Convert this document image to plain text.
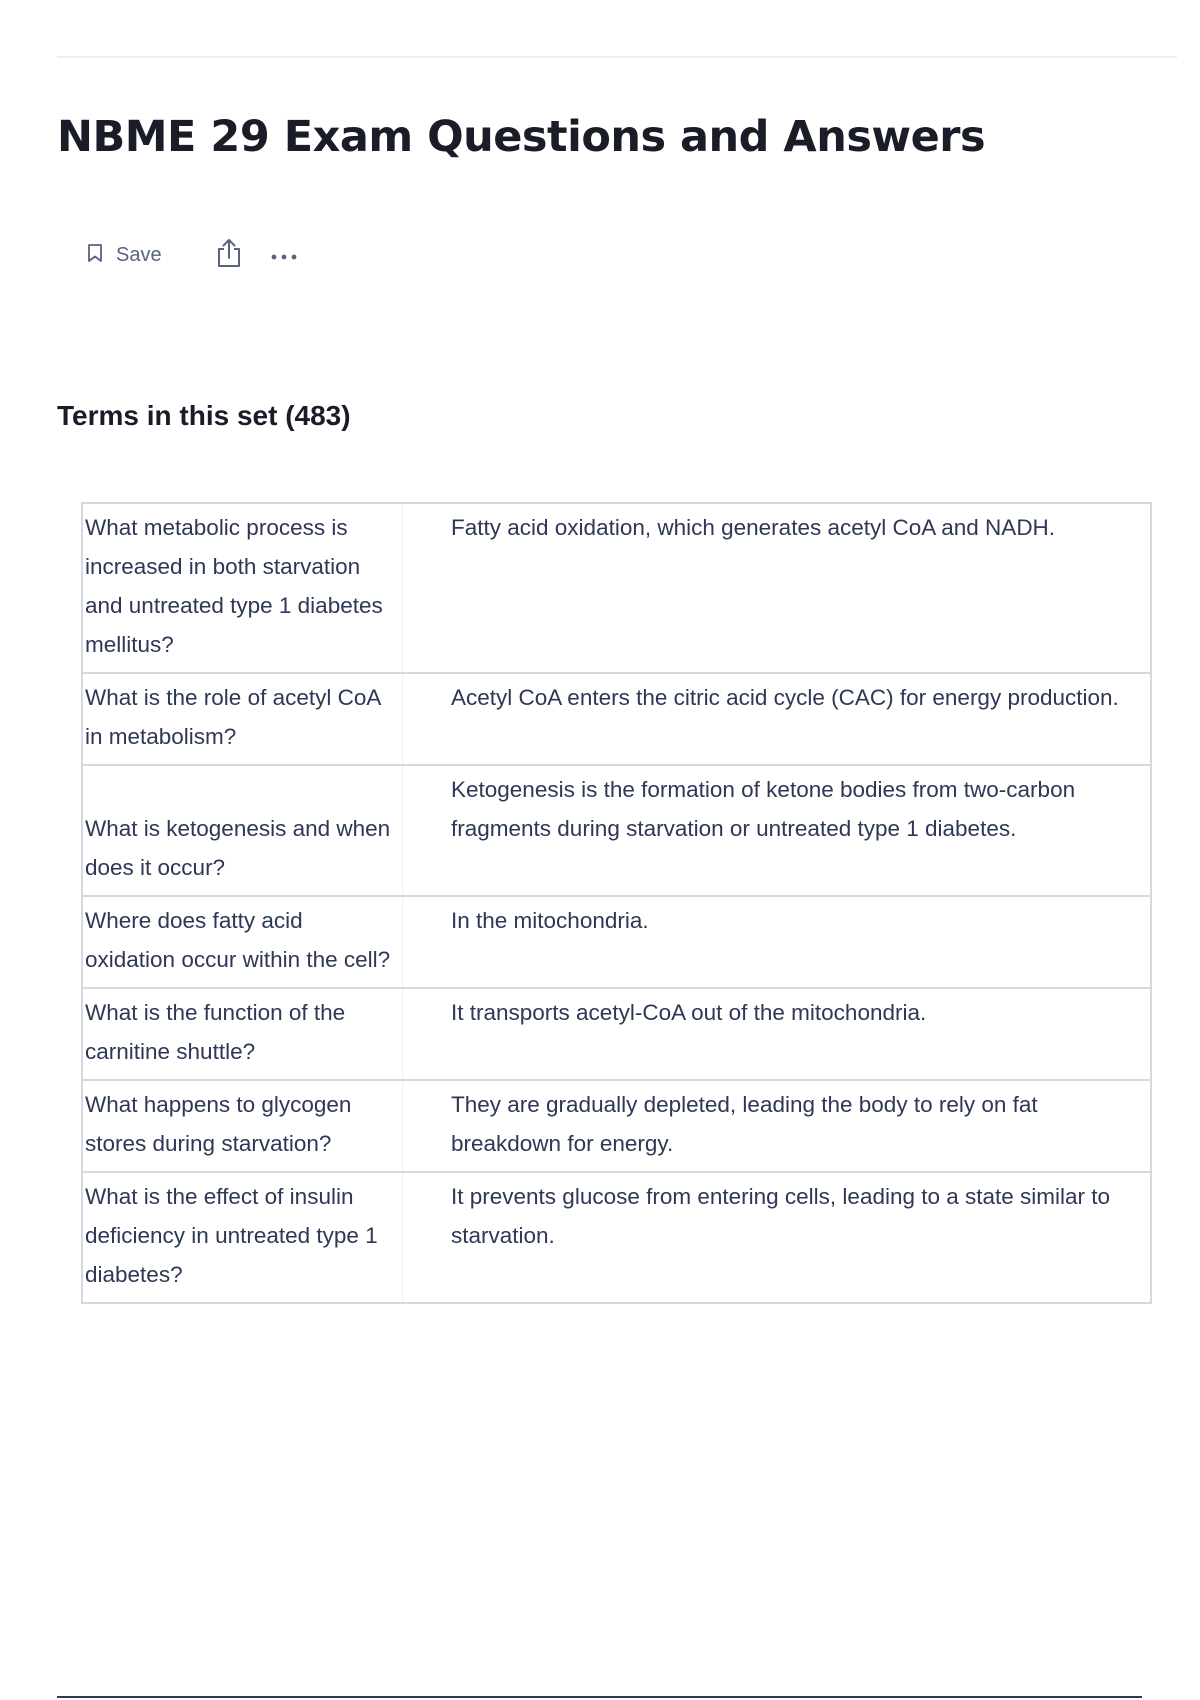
NBME 29 Exam Questions and Answers
Save
Terms in this set (483)
What metabolic process is increased in both starvation and untreated type 1 diabetes mellitus?
Fatty acid oxidation, which generates acetyl CoA and NADH.
What is the role of acetyl CoA in metabolism?
Acetyl CoA enters the citric acid cycle (CAC) for energy production.
What is ketogenesis and when does it occur?
Ketogenesis is the formation of ketone bodies from two-carbon fragments during starvation or untreated type 1 diabetes.
Where does fatty acid oxidation occur within the cell?
In the mitochondria.
What is the function of the carnitine shuttle?
It transports acetyl-CoA out of the mitochondria.
What happens to glycogen stores during starvation?
They are gradually depleted, leading the body to rely on fat breakdown for energy.
What is the effect of insulin deficiency in untreated type 1 diabetes?
It prevents glucose from entering cells, leading to a state similar to starvation.
